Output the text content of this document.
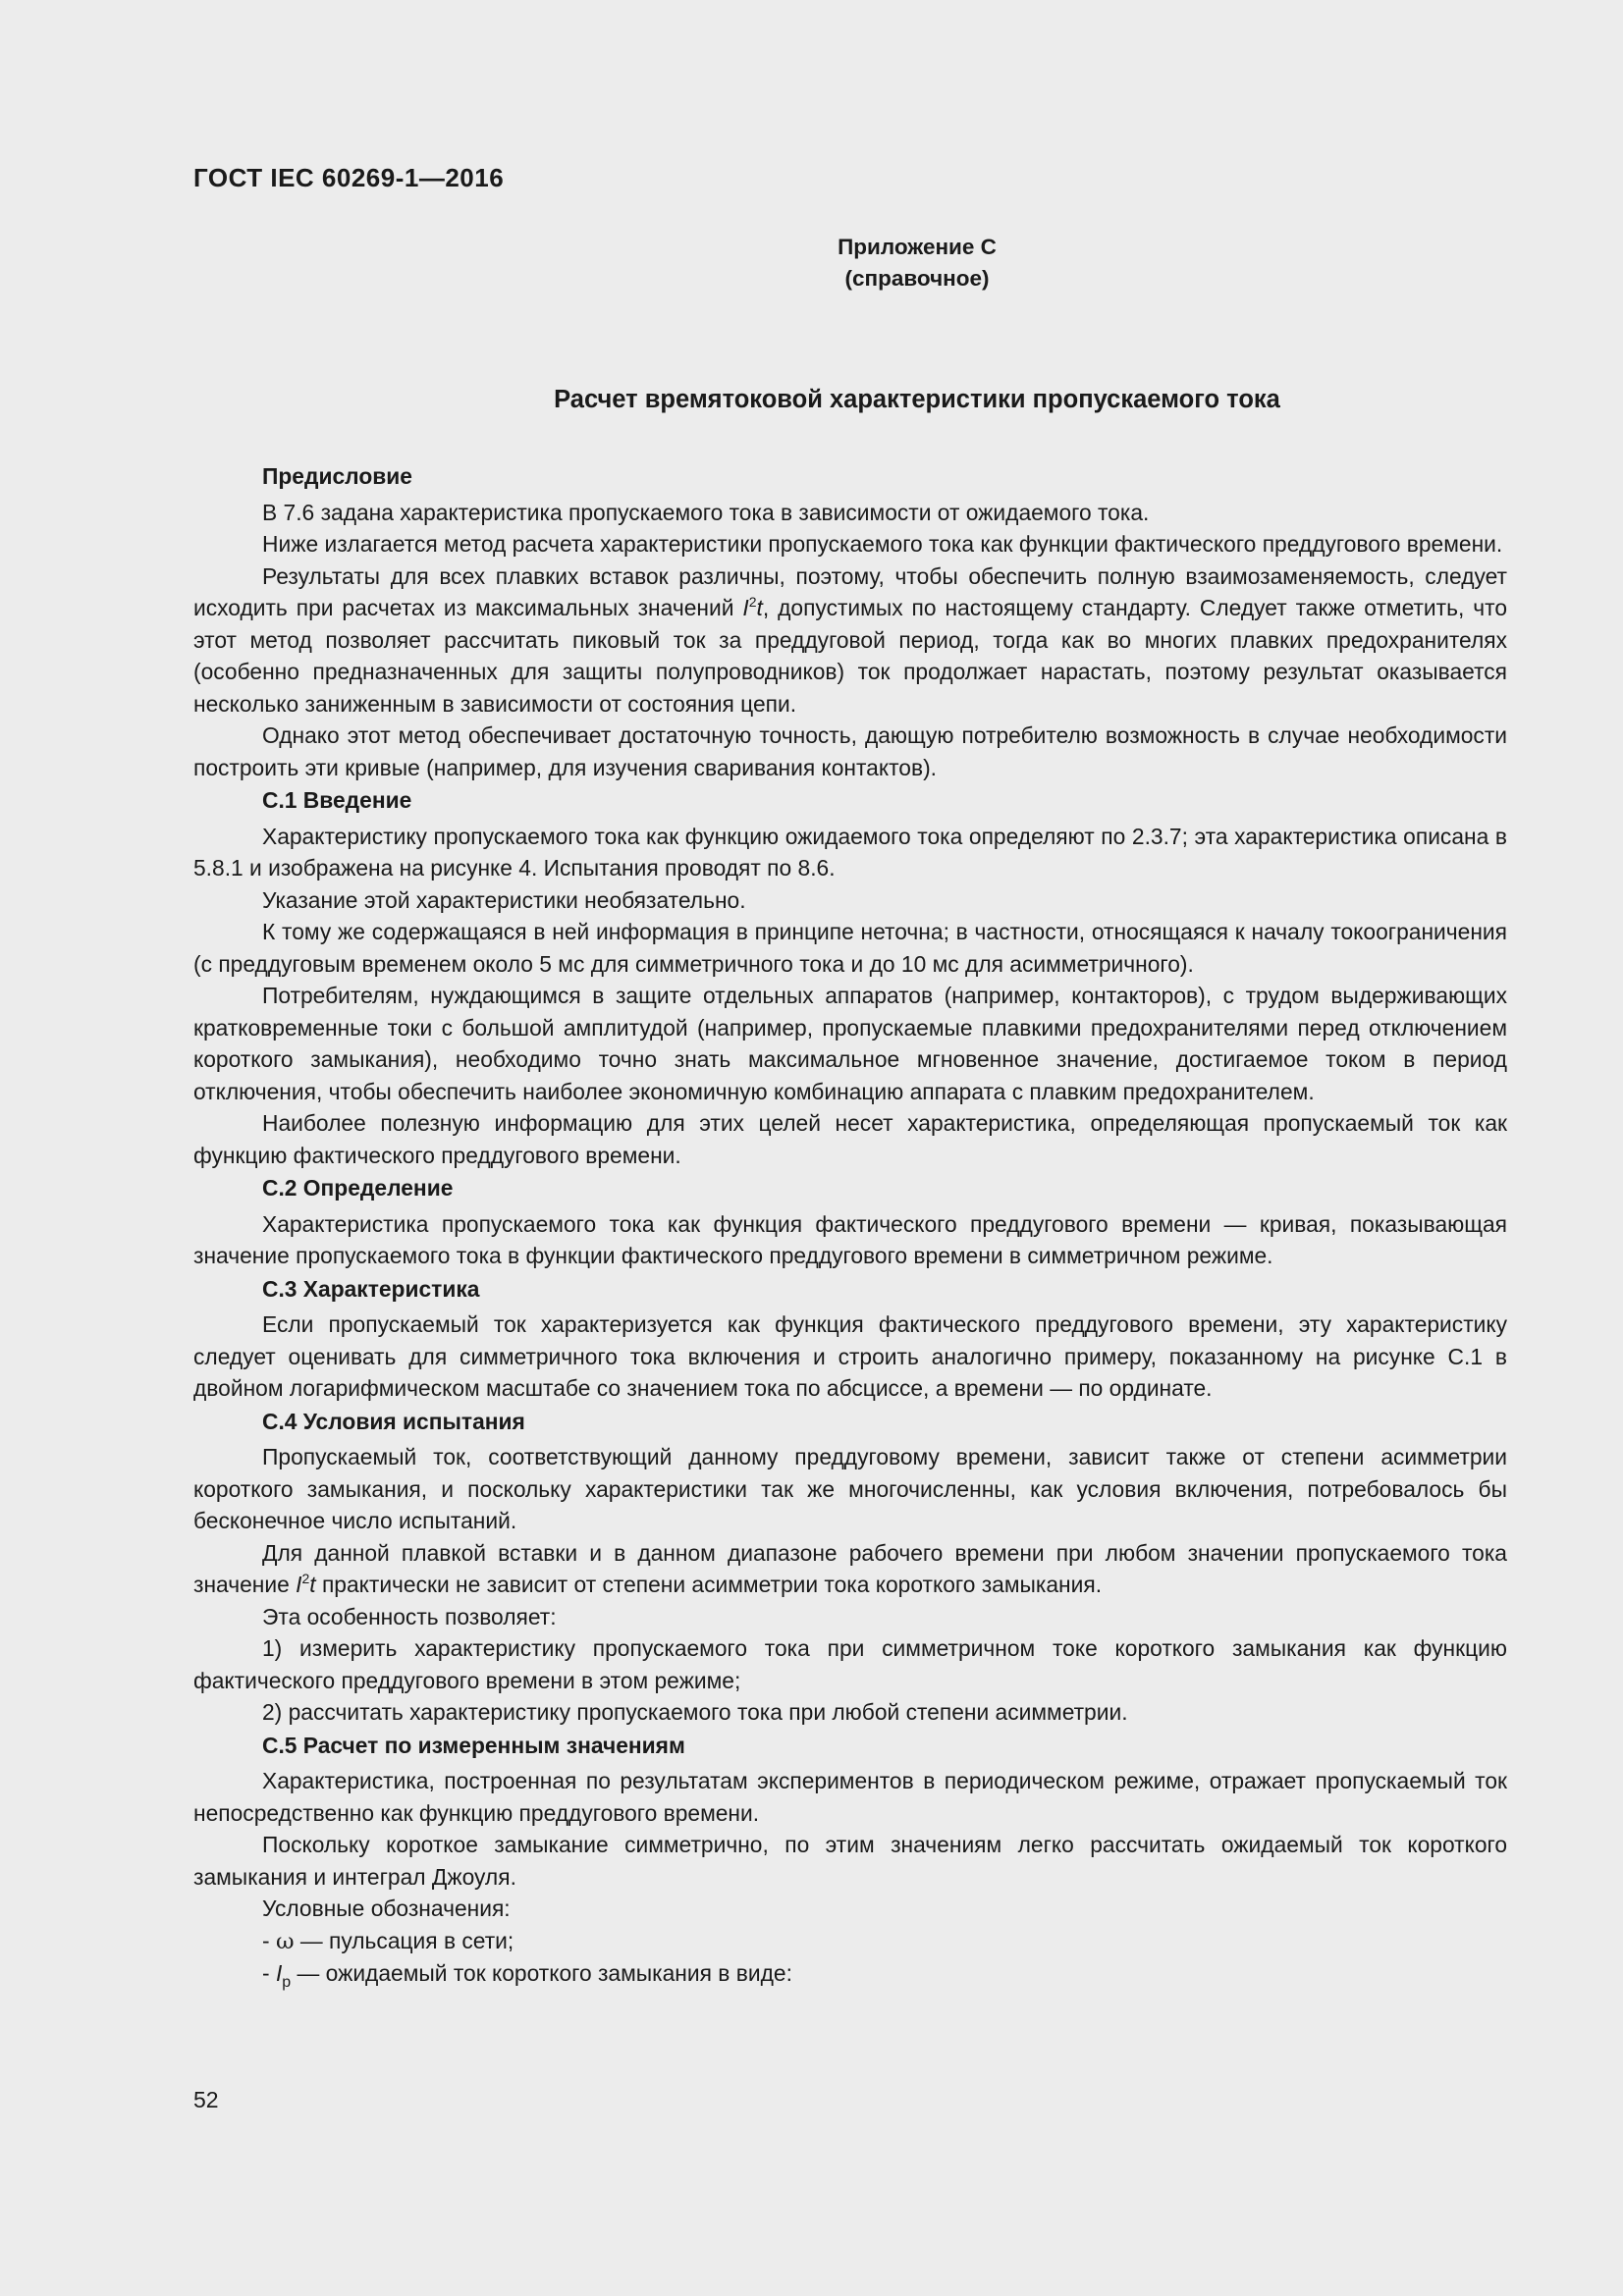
ГОСТ IEC 60269-1—2016
Приложение C
(справочное)
Расчет времятоковой характеристики пропускаемого тока
Предисловие

В 7.6 задана характеристика пропускаемого тока в зависимости от ожидаемого тока.

Ниже излагается метод расчета характеристики пропускаемого тока как функции фактического преддугового времени.

Результаты для всех плавких вставок различны, поэтому, чтобы обеспечить полную взаимозаменяемость, следует исходить при расчетах из максимальных значений $I^2t$, допустимых по настоящему стандарту. Следует также отметить, что этот метод позволяет рассчитать пиковый ток за преддуговой период, тогда как во многих плавких предохранителях (особенно предназначенных для защиты полупроводников) ток продолжает нарастать, поэтому результат оказывается несколько заниженным в зависимости от состояния цепи.

Однако этот метод обеспечивает достаточную точность, дающую потребителю возможность в случае необходимости построить эти кривые (например, для изучения сваривания контактов).

C.1 Введение

Характеристику пропускаемого тока как функцию ожидаемого тока определяют по 2.3.7; эта характеристика описана в 5.8.1 и изображена на рисунке 4. Испытания проводят по 8.6.

Указание этой характеристики необязательно.

К тому же содержащаяся в ней информация в принципе неточна; в частности, относящаяся к началу токоограничения (с преддуговым временем около 5 мс для симметричного тока и до 10 мс для асимметричного).

Потребителям, нуждающимся в защите отдельных аппаратов (например, контакторов), с трудом выдерживающих кратковременные токи с большой амплитудой (например, пропускаемые плавкими предохранителями перед отключением короткого замыкания), необходимо точно знать максимальное мгновенное значение, достигаемое током в период отключения, чтобы обеспечить наиболее экономичную комбинацию аппарата с плавким предохранителем.

Наиболее полезную информацию для этих целей несет характеристика, определяющая пропускаемый ток как функцию фактического преддугового времени.

C.2 Определение

Характеристика пропускаемого тока как функция фактического преддугового времени — кривая, показывающая значение пропускаемого тока в функции фактического преддугового времени в симметричном режиме.

C.3 Характеристика

Если пропускаемый ток характеризуется как функция фактического преддугового времени, эту характеристику следует оценивать для симметричного тока включения и строить аналогично примеру, показанному на рисунке C.1 в двойном логарифмическом масштабе со значением тока по абсциссе, а времени — по ординате.

C.4 Условия испытания

Пропускаемый ток, соответствующий данному преддуговому времени, зависит также от степени асимметрии короткого замыкания, и поскольку характеристики так же многочисленны, как условия включения, потребовалось бы бесконечное число испытаний.

Для данной плавкой вставки и в данном диапазоне рабочего времени при любом значении пропускаемого тока значение $I^2t$ практически не зависит от степени асимметрии тока короткого замыкания.

Эта особенность позволяет:

1) измерить характеристику пропускаемого тока при симметричном токе короткого замыкания как функцию фактического преддугового времени в этом режиме;

2) рассчитать характеристику пропускаемого тока при любой степени асимметрии.

C.5 Расчет по измеренным значениям

Характеристика, построенная по результатам экспериментов в периодическом режиме, отражает пропускаемый ток непосредственно как функцию преддугового времени.

Поскольку короткое замыкание симметрично, по этим значениям легко рассчитать ожидаемый ток короткого замыкания и интеграл Джоуля.

Условные обозначения:

- ω — пульсация в сети;
- $I_p$ — ожидаемый ток короткого замыкания в виде:
52
